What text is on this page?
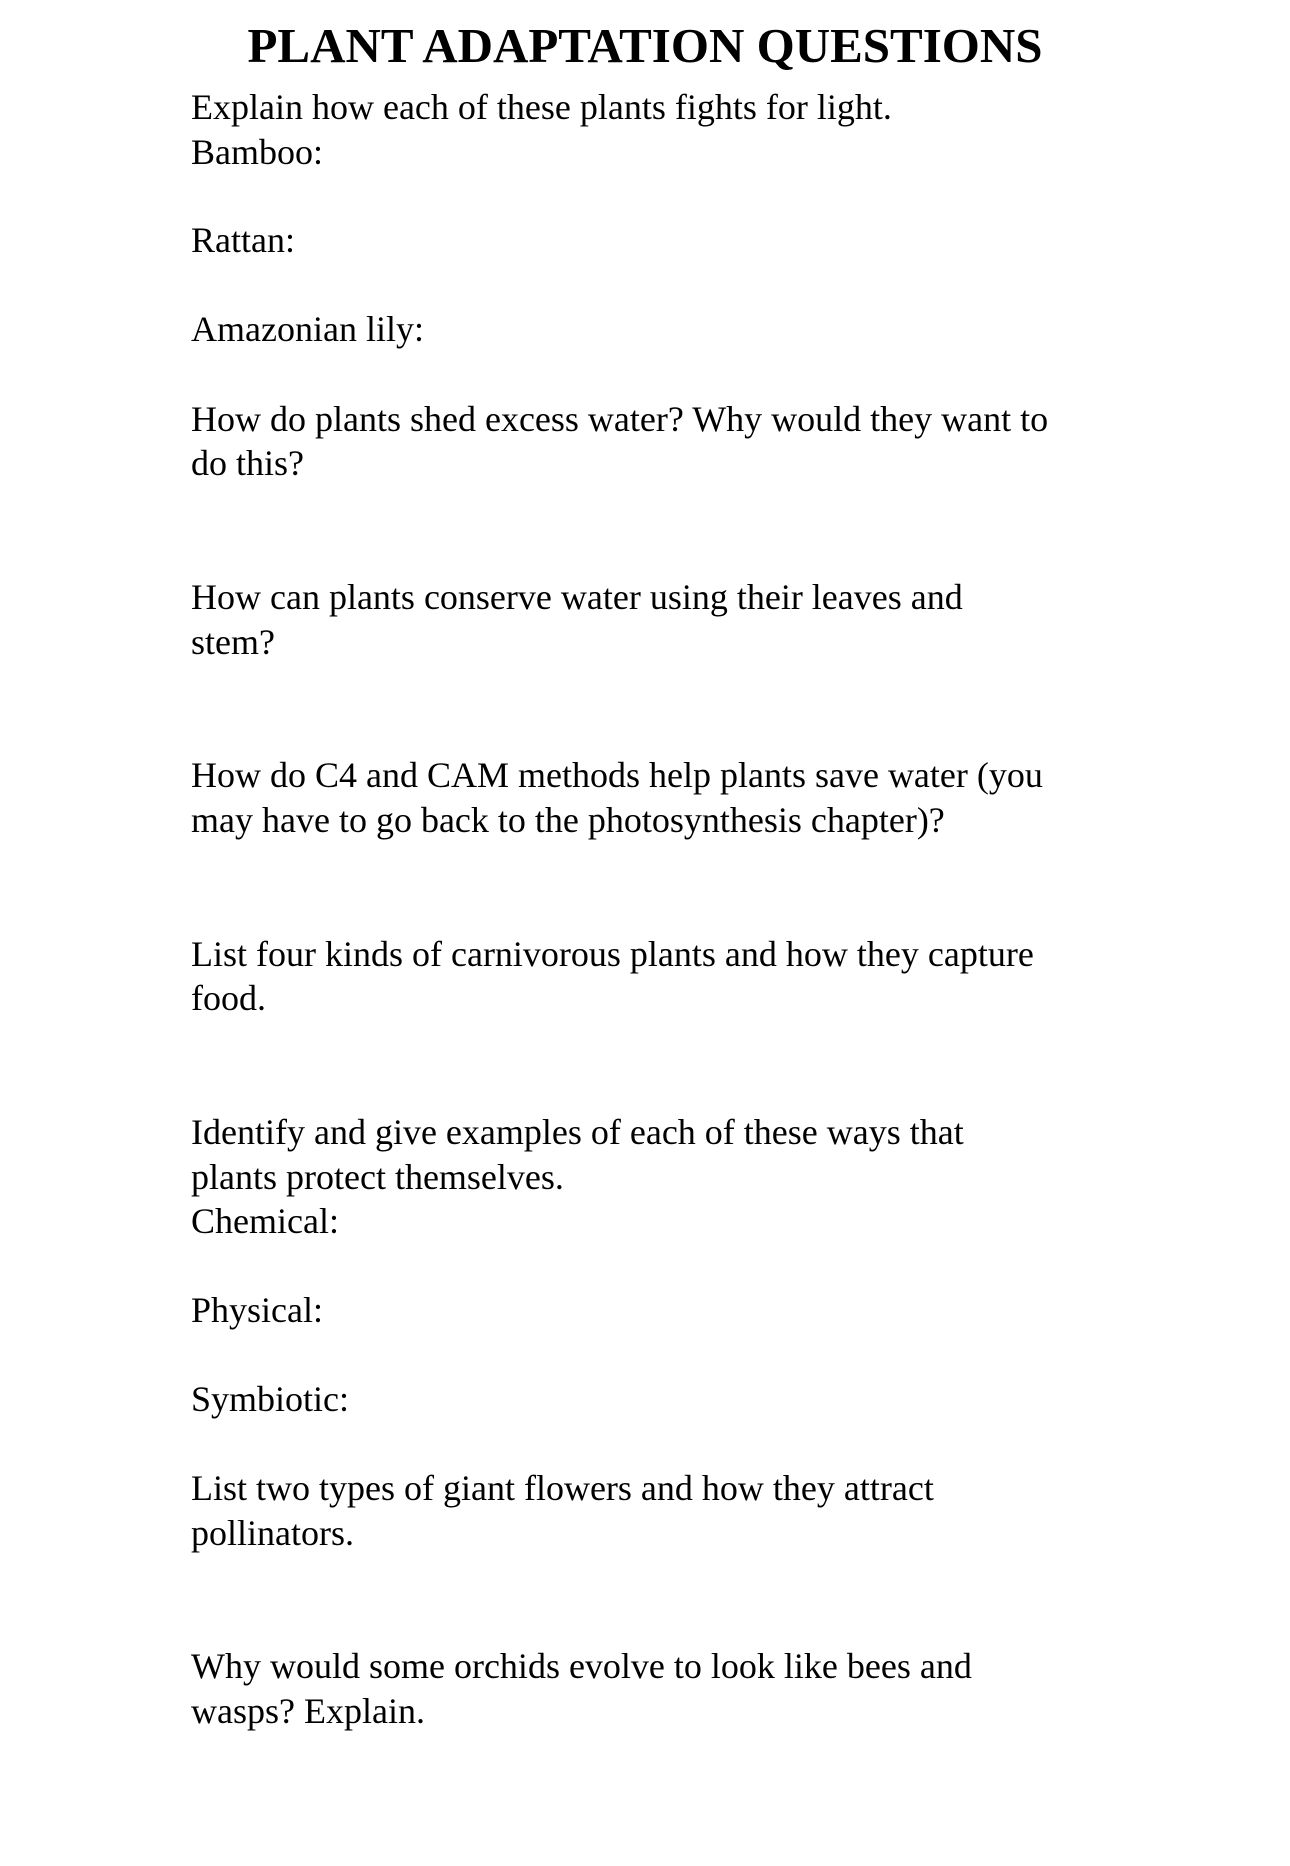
PLANT ADAPTATION QUESTIONS

Explain how each of these plants fights for light.

Bamboo:

Rattan:

Amazonian lily:

How do plants shed excess water? Why would they want to

do this?

How can plants conserve water using their leaves and

stem?

How do C4 and CAM methods help plants save water (you

may have to go back to the photosynthesis chapter)?

List four kinds of carnivorous plants and how they capture

food.

Identify and give examples of each of these ways that

plants protect themselves.

Chemical:

Physical:

Symbiotic:

List two types of giant flowers and how they attract

pollinators.

Why would some orchids evolve to look like bees and

wasps? Explain.
